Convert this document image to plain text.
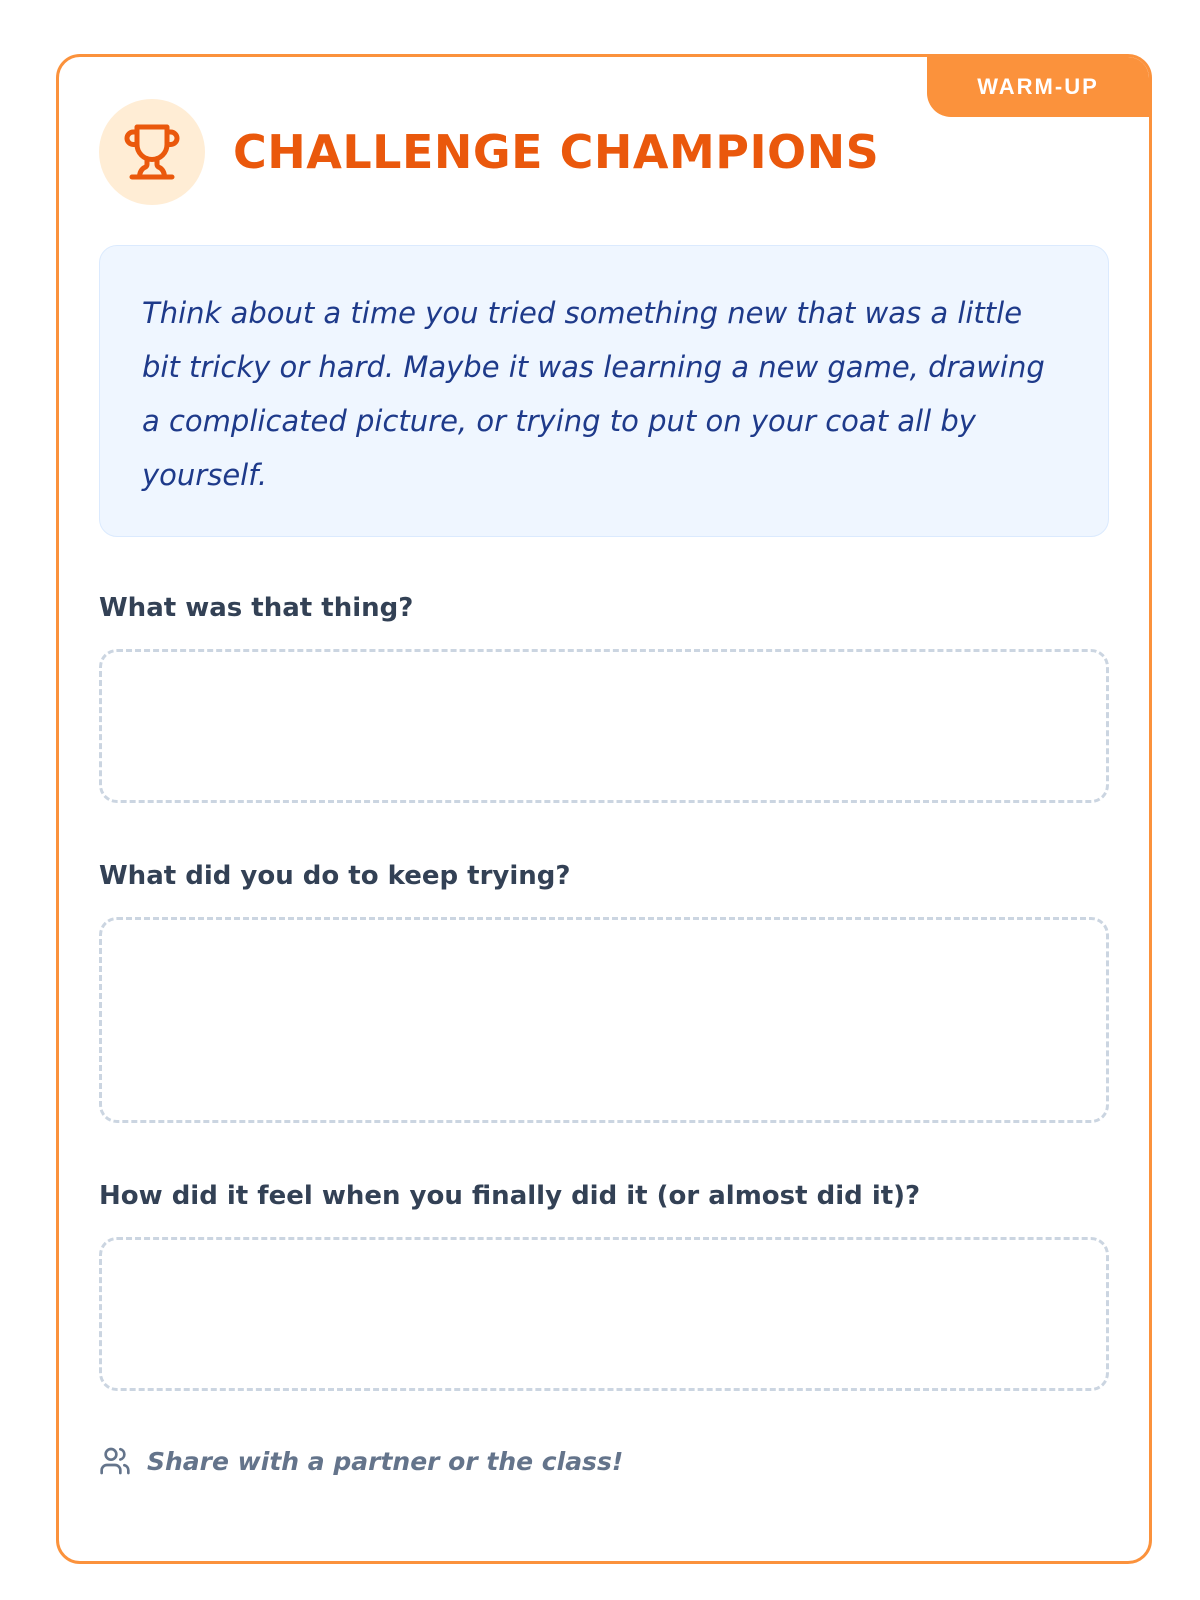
WARM-UP
CHALLENGE CHAMPIONS
Think about a time you tried something new that was a little bit tricky or hard. Maybe it was learning a new game, drawing a complicated picture, or trying to put on your coat all by yourself.
What was that thing?
What did you do to keep trying?
How did it feel when you finally did it (or almost did it)?
Share with a partner or the class!
